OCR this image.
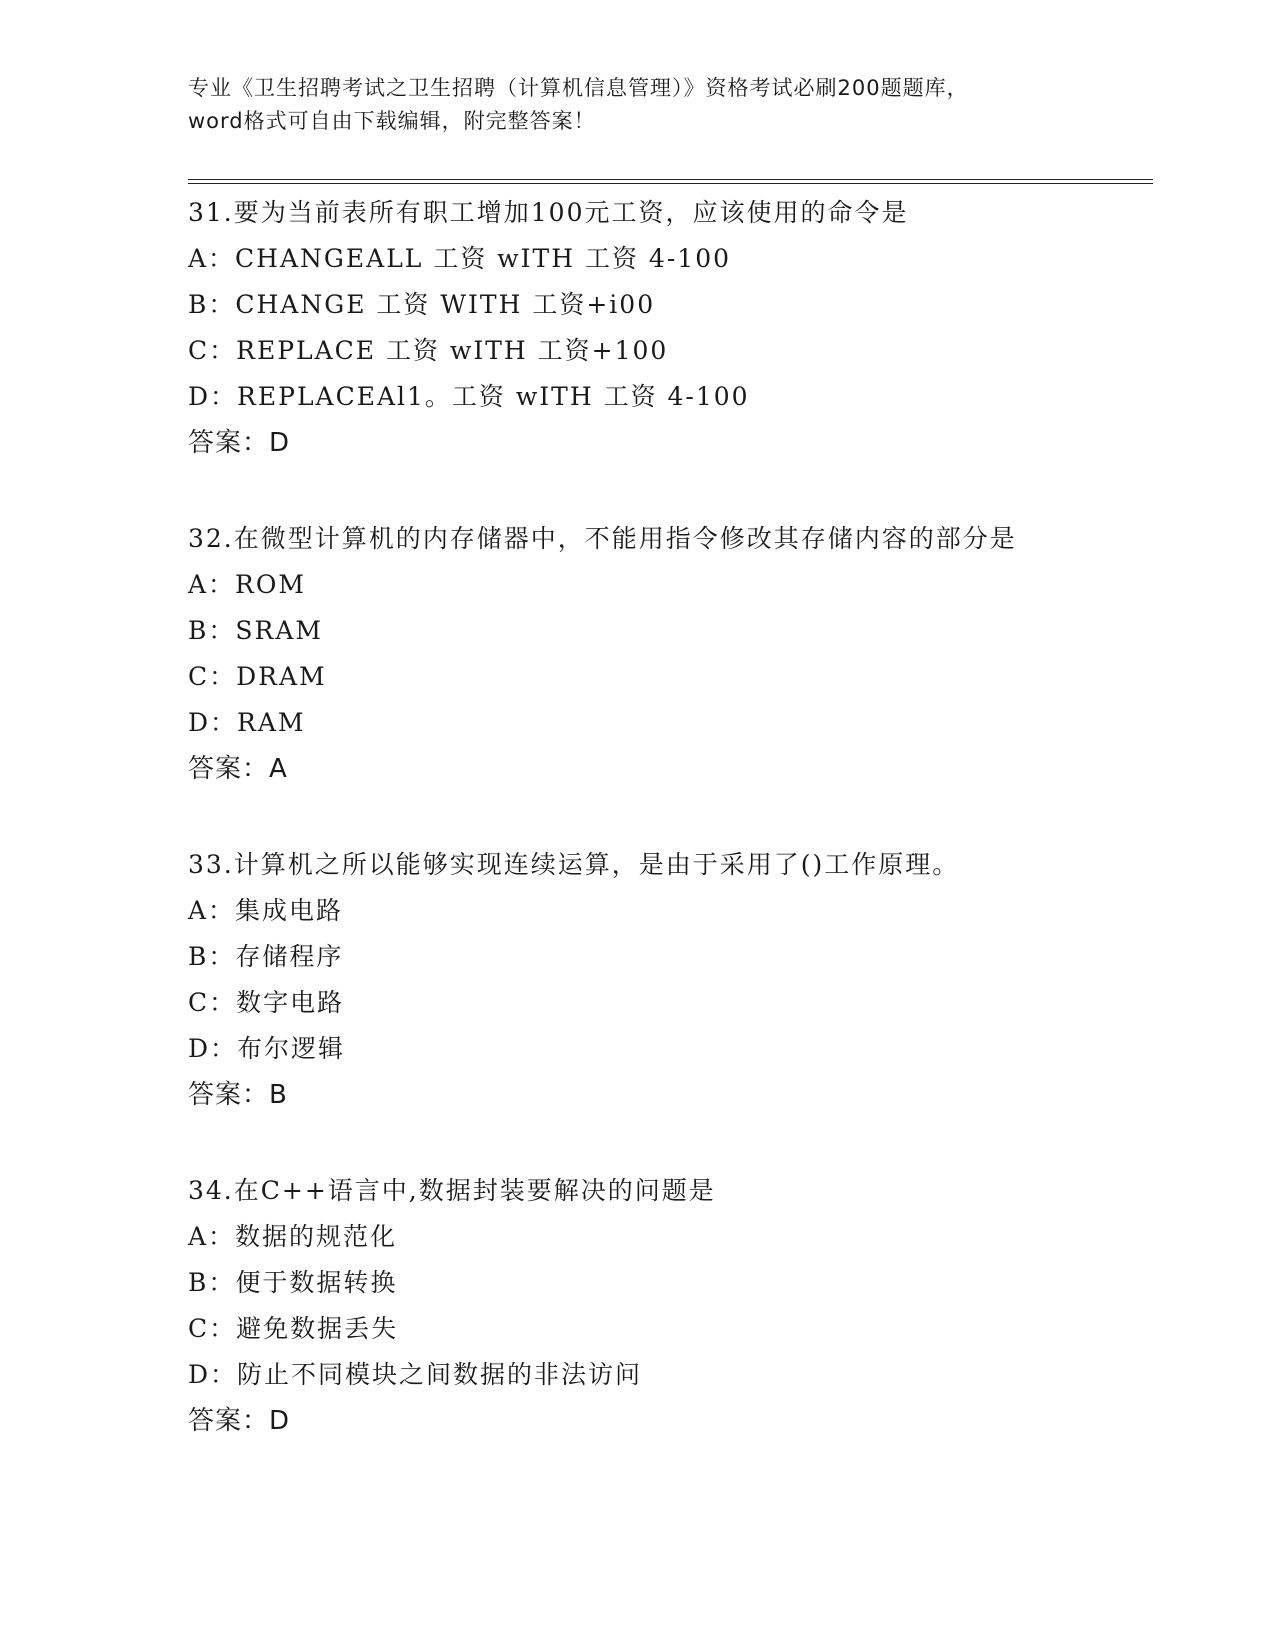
专业《卫生招聘考试之卫生招聘（计算机信息管理）》资格考试必刷200题题库，
word格式可自由下载编辑，附完整答案！
31.要为当前表所有职工增加100元工资，应该使用的命令是
A：CHANGEALL 工资 wITH 工资 4-100
B：CHANGE 工资 WITH 工资+i00
C：REPLACE 工资 wITH 工资+100
D：REPLACEAl1。工资 wITH 工资 4-100
答案：D
32.在微型计算机的内存储器中，不能用指令修改其存储内容的部分是
A：ROM
B：SRAM
C：DRAM
D：RAM
答案：A
33.计算机之所以能够实现连续运算，是由于采用了()工作原理。
A：集成电路
B：存储程序
C：数字电路
D：布尔逻辑
答案：B
34.在C++语言中,数据封装要解决的问题是
A：数据的规范化
B：便于数据转换
C：避免数据丢失
D：防止不同模块之间数据的非法访问
答案：D
